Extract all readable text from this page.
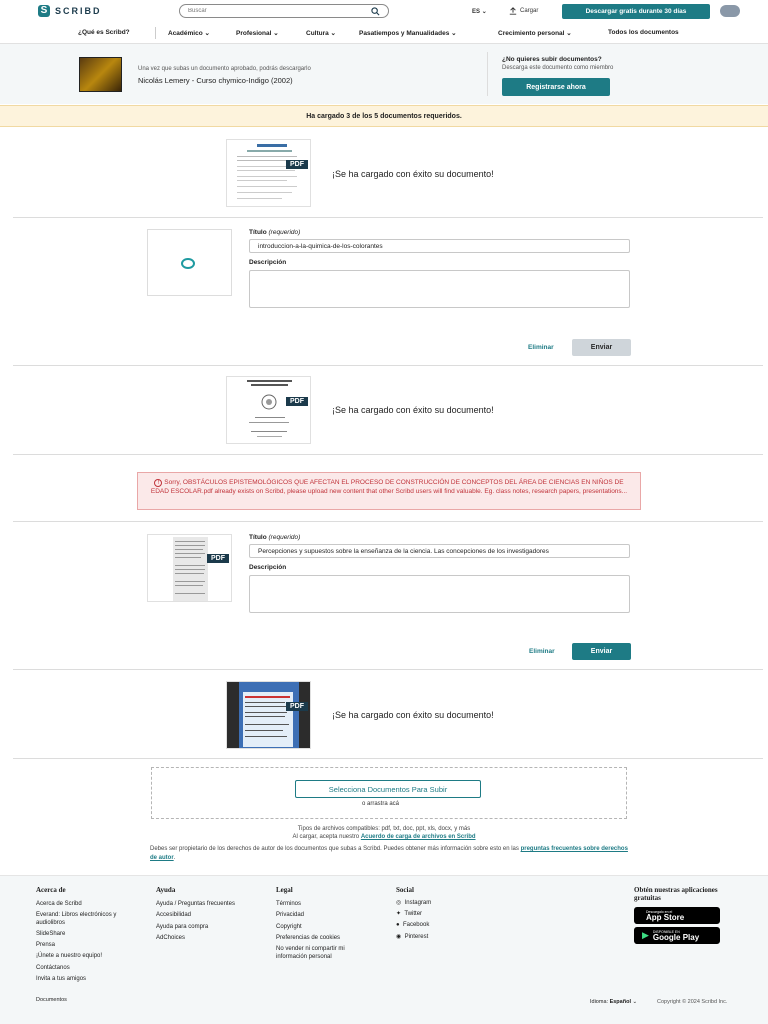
S SCRIBD
Buscar	ES ⌄	Cargar	Descargar gratis durante 30 días
¿Qué es Scribd?	Académico ⌄	Profesional ⌄	Cultura ⌄	Pasatiempos y Manualidades ⌄	Crecimiento personal ⌄	Todos los documentos
Una vez que subas un documento aprobado, podrás descargarlo
Nicolás Lemery - Curso chymico-Indigo (2002)
¿No quieres subir documentos?
Descarga este documento como miembro
Registrarse ahora
Ha cargado 3 de los 5 documentos requeridos.
PDF
¡Se ha cargado con éxito su documento!
Título (requerido)
introduccion-a-la-quimica-de-los-colorantes
Descripción
Eliminar	Enviar
PDF
¡Se ha cargado con éxito su documento!
! Sorry, OBSTÁCULOS EPISTEMOLÓGICOS QUE AFECTAN EL PROCESO DE CONSTRUCCIÓN DE CONCEPTOS DEL ÁREA DE CIENCIAS EN NIÑOS DE EDAD ESCOLAR.pdf already exists on Scribd, please upload new content that other Scribd users will find valuable. Eg. class notes, research papers, presentations...
PDF
Título (requerido)
Percepciones y supuestos sobre la enseñanza de la ciencia. Las concepciones de los investigadores
Descripción
Eliminar	Enviar
PDF
¡Se ha cargado con éxito su documento!
Selecciona Documentos Para Subir
o arrastra acá
Tipos de archivos compatibles: pdf, txt, doc, ppt, xls, docx, y más
Al cargar, acepta nuestro Acuerdo de carga de archivos en Scribd
Debes ser propietario de los derechos de autor de los documentos que subas a Scribd. Puedes obtener más información sobre esto en las preguntas frecuentes sobre derechos de autor.
Acerca de
Acerca de Scribd
Everand: Libros electrónicos y audiolibros
SlideShare
Prensa
¡Únete a nuestro equipo!
Contáctanos
Invita a tus amigos
Ayuda
Ayuda / Preguntas frecuentes
Accesibilidad
Ayuda para compra
AdChoices
Legal
Términos
Privacidad
Copyright
Preferencias de cookies
No vender ni compartir mi información personal
Social
◎ Instagram
✦ Twitter
● Facebook
◉ Pinterest
Obtén nuestras aplicaciones gratuitas
Descargalo en el
App Store
▶ DISPONIBLE EN
Google Play
Documentos	Idioma: Español ⌄	Copyright © 2024 Scribd Inc.
